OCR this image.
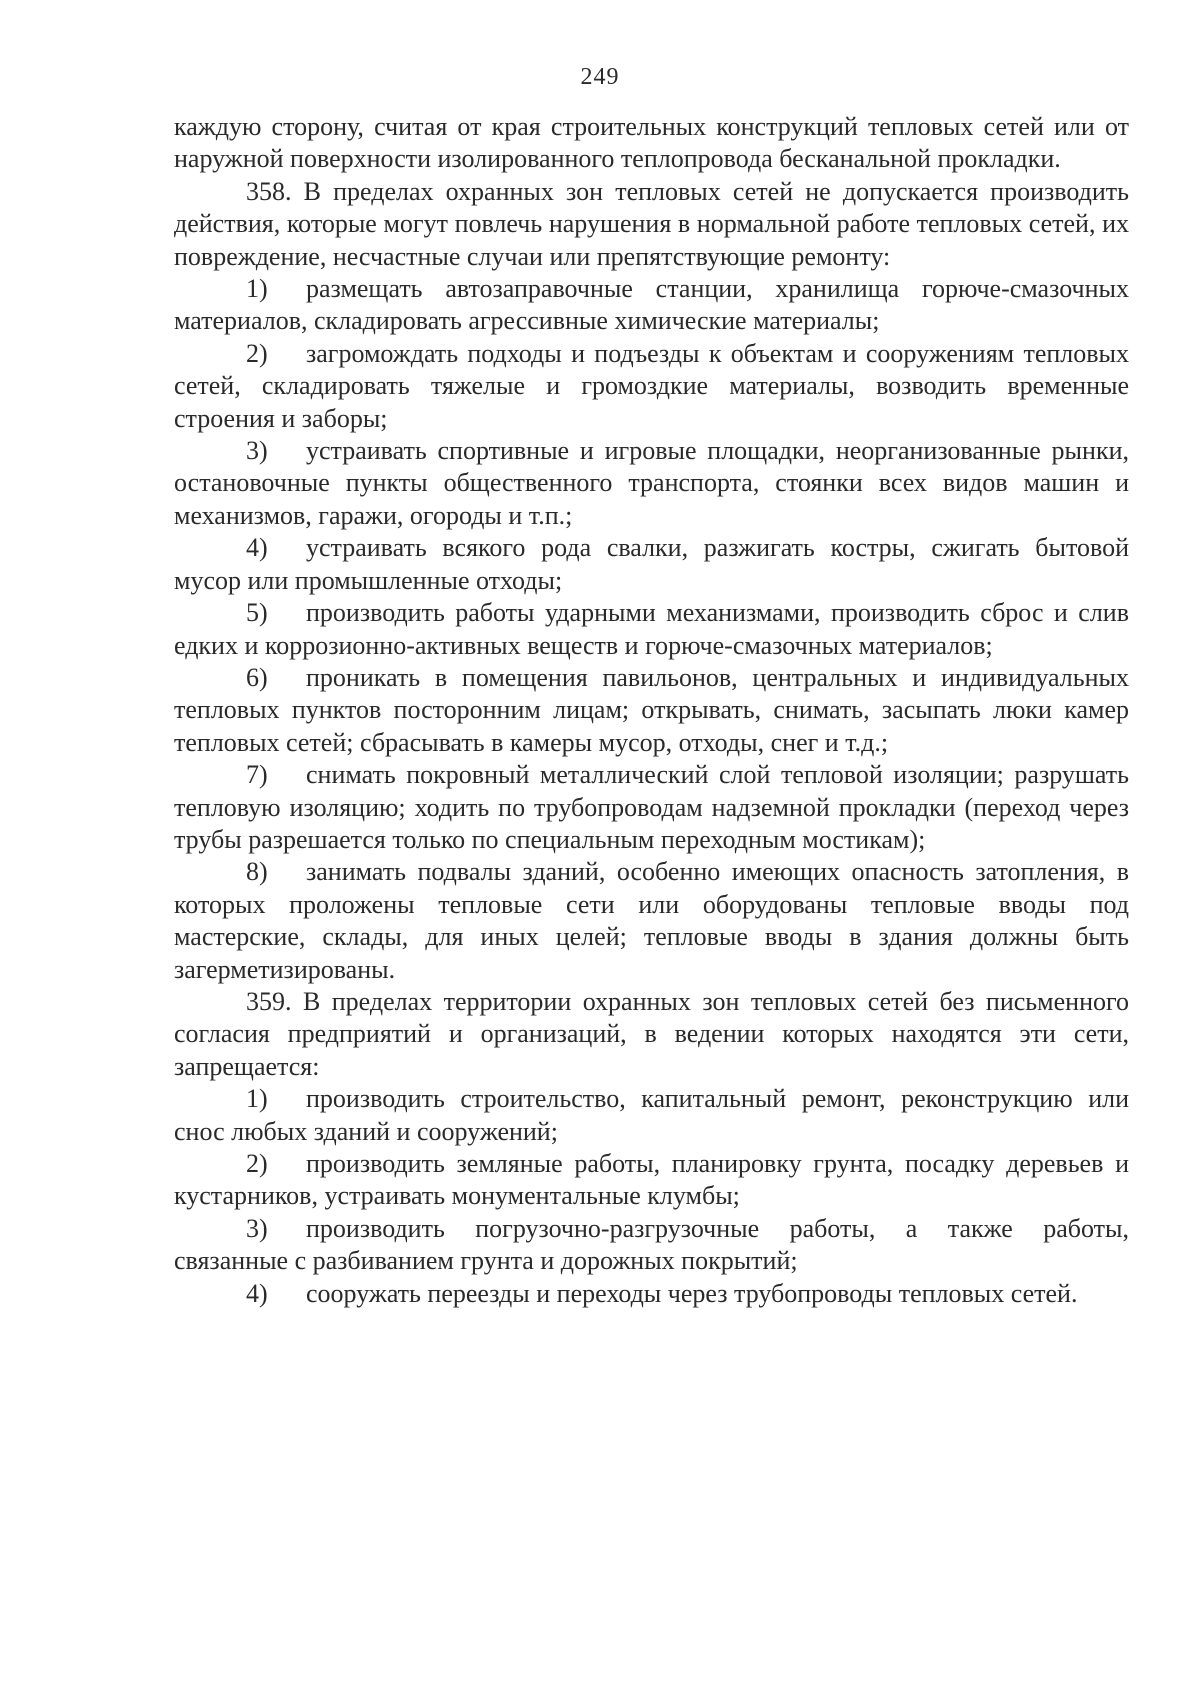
249

каждую сторону, считая от края строительных конструкций тепловых сетей или от наружной поверхности изолированного теплопровода бесканальной прокладки.

358. В пределах охранных зон тепловых сетей не допускается производить действия, которые могут повлечь нарушения в нормальной работе тепловых сетей, их повреждение, несчастные случаи или препятствующие ремонту:

1) размещать автозаправочные станции, хранилища горюче-смазочных материалов, складировать агрессивные химические материалы;

2) загромождать подходы и подъезды к объектам и сооружениям тепловых сетей, складировать тяжелые и громоздкие материалы, возводить временные строения и заборы;

3) устраивать спортивные и игровые площадки, неорганизованные рынки, остановочные пункты общественного транспорта, стоянки всех видов машин и механизмов, гаражи, огороды и т.п.;

4) устраивать всякого рода свалки, разжигать костры, сжигать бытовой мусор или промышленные отходы;

5) производить работы ударными механизмами, производить сброс и слив едких и коррозионно-активных веществ и горюче-смазочных материалов;

6) проникать в помещения павильонов, центральных и индивидуальных тепловых пунктов посторонним лицам; открывать, снимать, засыпать люки камер тепловых сетей; сбрасывать в камеры мусор, отходы, снег и т.д.;

7) снимать покровный металлический слой тепловой изоляции; разрушать тепловую изоляцию; ходить по трубопроводам надземной прокладки (переход через трубы разрешается только по специальным переходным мостикам);

8) занимать подвалы зданий, особенно имеющих опасность затопления, в которых проложены тепловые сети или оборудованы тепловые вводы под мастерские, склады, для иных целей; тепловые вводы в здания должны быть загерметизированы.

359. В пределах территории охранных зон тепловых сетей без письменного согласия предприятий и организаций, в ведении которых находятся эти сети, запрещается:

1) производить строительство, капитальный ремонт, реконструкцию или снос любых зданий и сооружений;

2) производить земляные работы, планировку грунта, посадку деревьев и кустарников, устраивать монументальные клумбы;

3) производить погрузочно-разгрузочные работы, а также работы, связанные с разбиванием грунта и дорожных покрытий;

4) сооружать переезды и переходы через трубопроводы тепловых сетей.
